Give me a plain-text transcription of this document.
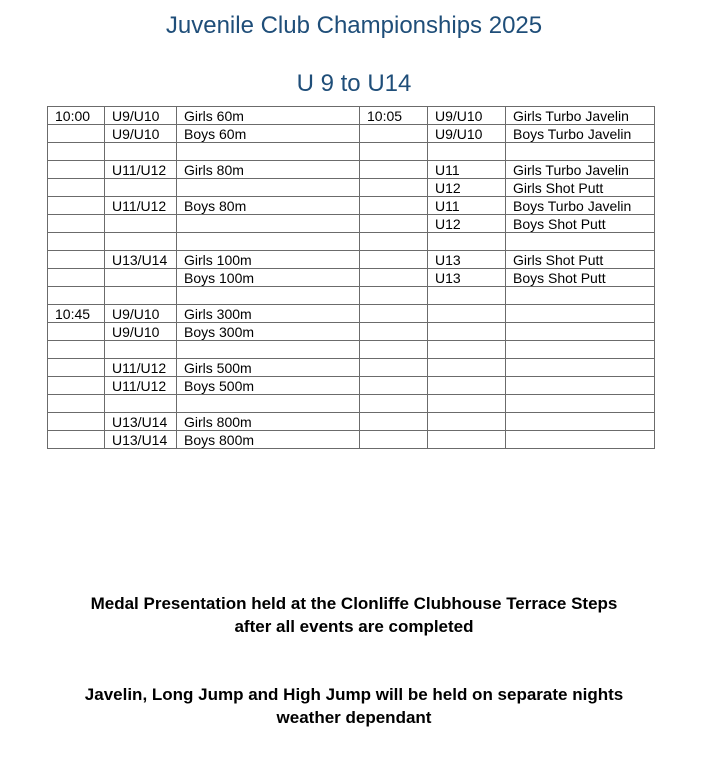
Juvenile Club Championships 2025
U 9 to U14
10:00	U9/U10	Girls 60m	10:05	U9/U10	Girls Turbo Javelin
	U9/U10	Boys 60m		U9/U10	Boys Turbo Javelin

	U11/U12	Girls 80m		U11	Girls Turbo Javelin
				U12	Girls Shot Putt
	U11/U12	Boys 80m		U11	Boys Turbo Javelin
				U12	Boys Shot Putt

	U13/U14	Girls 100m		U13	Girls Shot Putt
		Boys 100m		U13	Boys Shot Putt

10:45	U9/U10	Girls 300m			
	U9/U10	Boys 300m			

	U11/U12	Girls 500m			
	U11/U12	Boys 500m			

	U13/U14	Girls 800m			
	U13/U14	Boys 800m			
Medal Presentation held at the Clonliffe Clubhouse Terrace Steps
after all events are completed
Javelin, Long Jump and High Jump will be held on separate nights
weather dependant
